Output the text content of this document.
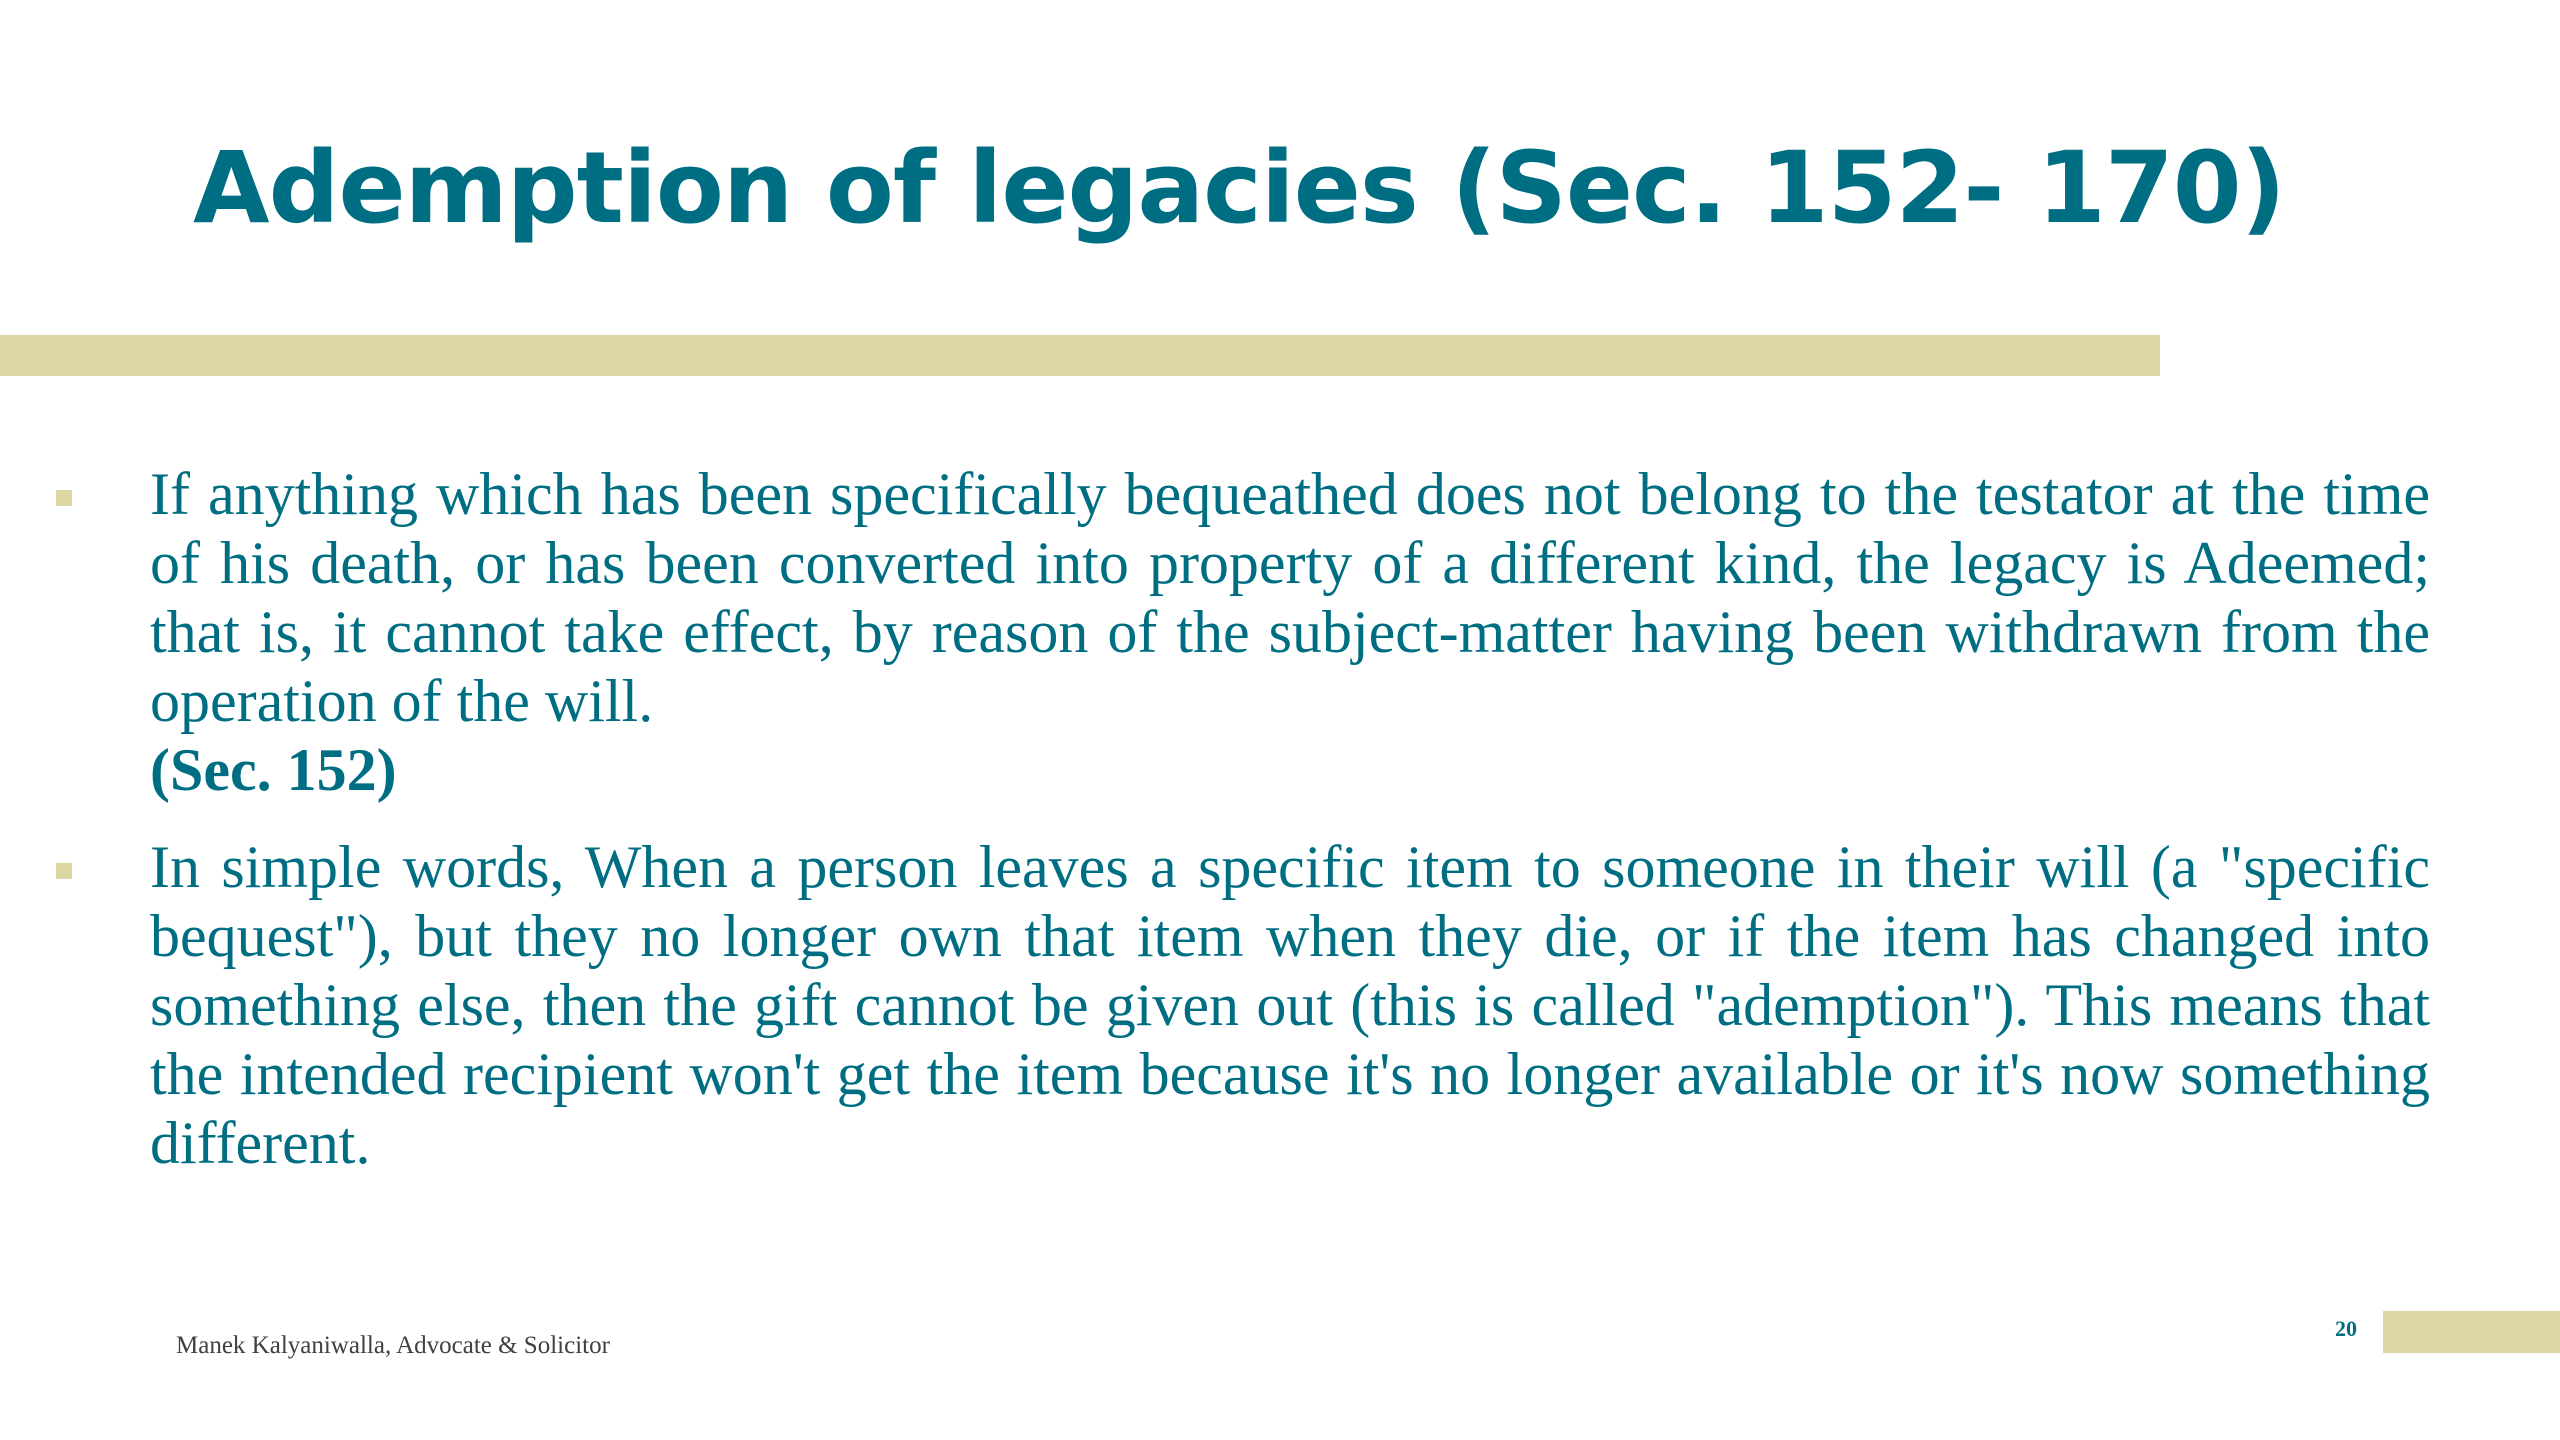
Ademption of legacies (Sec. 152- 170)

If anything which has been specifically bequeathed does not belong to the testator at the time of his death, or has been converted into property of a different kind, the legacy is Adeemed; that is, it cannot take effect, by reason of the subject-matter having been withdrawn from the operation of the will.
(Sec. 152)

In simple words, When a person leaves a specific item to someone in their will (a "specific bequest"), but they no longer own that item when they die, or if the item has changed into something else, then the gift cannot be given out (this is called "ademption"). This means that the intended recipient won't get the item because it's no longer available or it's now something different.

Manek Kalyaniwalla, Advocate & Solicitor
20
